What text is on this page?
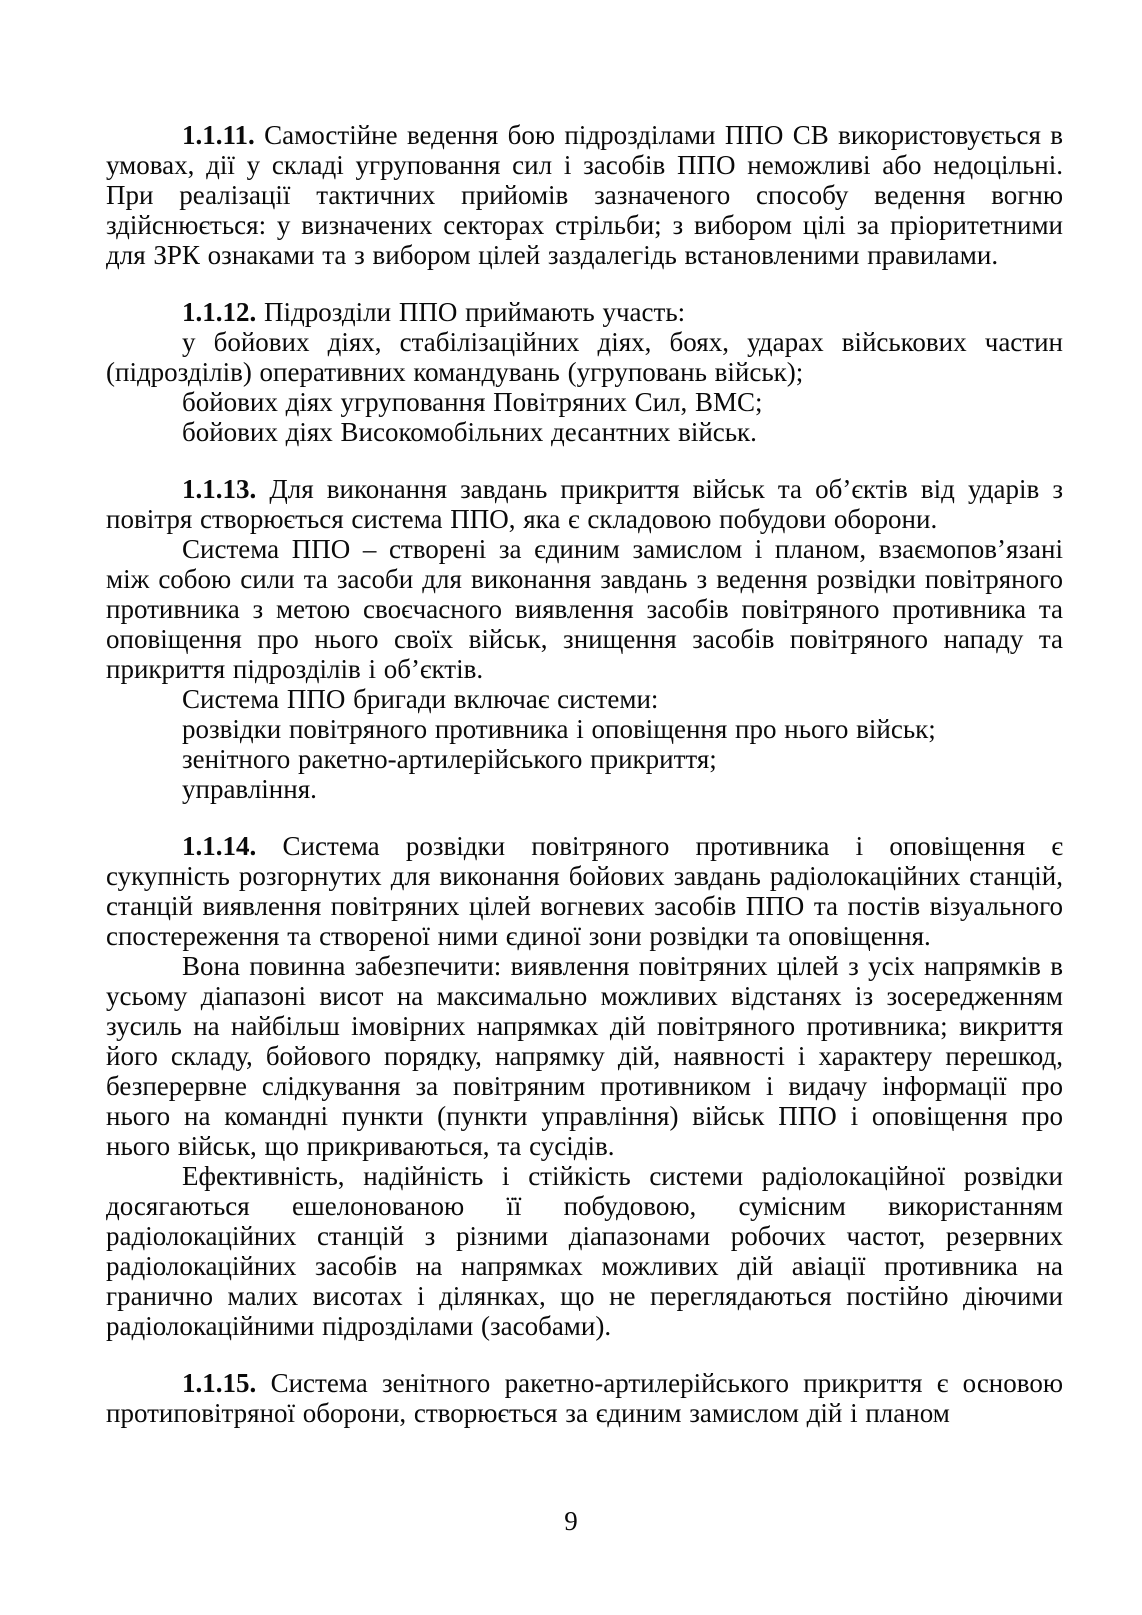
1.1.11. Самостійне ведення бою підрозділами ППО СВ використовується в умовах, дії у складі угруповання сил і засобів ППО неможливі або недоцільні. При реалізації тактичних прийомів зазначеного способу ведення вогню здійснюється: у визначених секторах стрільби; з вибором цілі за пріоритетними для ЗРК ознаками та з вибором цілей заздалегідь встановленими правилами.

1.1.12. Підрозділи ППО приймають участь:

у бойових діях, стабілізаційних діях, боях, ударах військових частин (підрозділів) оперативних командувань (угруповань військ);

бойових діях угруповання Повітряних Сил, ВМС;

бойових діях Високомобільних десантних військ.

1.1.13. Для виконання завдань прикриття військ та об’єктів від ударів з повітря створюється система ППО, яка є складовою побудови оборони.

Система ППО – створені за єдиним замислом і планом, взаємопов’язані між собою сили та засоби для виконання завдань з ведення розвідки повітряного противника з метою своєчасного виявлення засобів повітряного противника та оповіщення про нього своїх військ, знищення засобів повітряного нападу та прикриття підрозділів і об’єктів.

Система ППО бригади включає системи:

розвідки повітряного противника і оповіщення про нього військ;

зенітного ракетно-артилерійського прикриття;

управління.

1.1.14. Система розвідки повітряного противника і оповіщення є сукупність розгорнутих для виконання бойових завдань радіолокаційних станцій, станцій виявлення повітряних цілей вогневих засобів ППО та постів візуального спостереження та створеної ними єдиної зони розвідки та оповіщення.

Вона повинна забезпечити: виявлення повітряних цілей з усіх напрямків в усьому діапазоні висот на максимально можливих відстанях із зосередженням зусиль на найбільш імовірних напрямках дій повітряного противника; викриття його складу, бойового порядку, напрямку дій, наявності і характеру перешкод, безперервне слідкування за повітряним противником і видачу інформації про нього на командні пункти (пункти управління) військ ППО і оповіщення про нього військ, що прикриваються, та сусідів.

Ефективність, надійність і стійкість системи радіолокаційної розвідки досягаються ешелонованою її побудовою, сумісним використанням радіолокаційних станцій з різними діапазонами робочих частот, резервних радіолокаційних засобів на напрямках можливих дій авіації противника на гранично малих висотах і ділянках, що не переглядаються постійно діючими радіолокаційними підрозділами (засобами).

1.1.15. Система зенітного ракетно-артилерійського прикриття є основою протиповітряної оборони, створюється за єдиним замислом дій і планом

9
